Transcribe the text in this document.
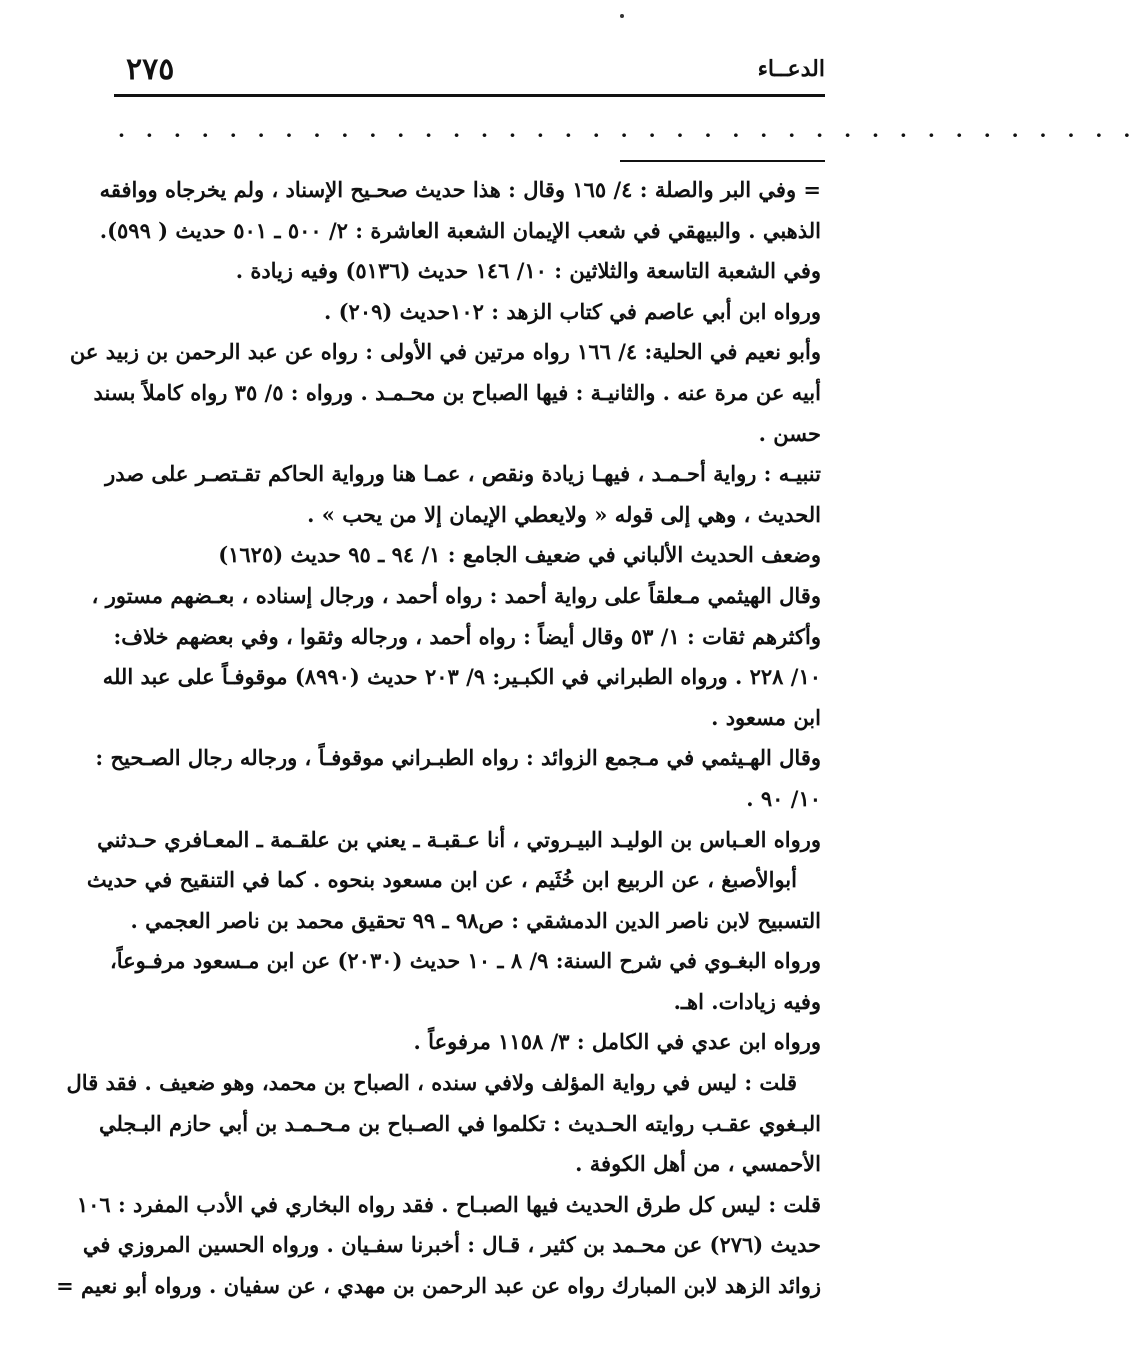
الدعــاء
٢٧٥
· · · · · · · · · · · · · · · · · · · · · · · · · · · · · · · · · · · · ·
= وفي البر والصلة : ٤/ ١٦٥ وقال : هذا حديث صحـيح الإسناد ، ولم يخرجاه ووافقه
الذهبي . والبيهقي في شعب الإيمان الشعبة العاشرة : ٢/ ٥٠٠ ـ ٥٠١ حديث ( ٥٩٩).
وفي الشعبة التاسعة والثلاثين : ١٠/ ١٤٦ حديث (٥١٣٦) وفيه زيادة .
ورواه ابن أبي عاصم في كتاب الزهد : ١٠٢حديث (٢٠٩) .
وأبو نعيم في الحلية: ٤/ ١٦٦ رواه مرتين في الأولى : رواه عن عبد الرحمن بن زبيد عن
أبيه عن مرة عنه . والثانيـة : فيها الصباح بن محـمـد . ورواه : ٥/ ٣٥ رواه كاملاً بسند
حسن .
تنبيـه : رواية أحـمـد ، فيهـا زيادة ونقص ، عمـا هنا ورواية الحاكم تقـتصـر على صدر
الحديث ، وهي إلى قوله « ولايعطي الإيمان إلا من يحب » .
وضعف الحديث الألباني في ضعيف الجامع : ١/ ٩٤ ـ ٩٥ حديث (١٦٢٥)
وقال الهيثمي مـعلقاً على رواية أحمد : رواه أحمد ، ورجال إسناده ، بعـضهم مستور ،
وأكثرهم ثقات : ١/ ٥٣ وقال أيضاً : رواه أحمد ، ورجاله وثقوا ، وفي بعضهم خلاف:
١٠/ ٢٢٨ . ورواه الطبراني في الكبـير: ٩/ ٢٠٣ حديث (٨٩٩٠) موقوفـاً على عبد الله
ابن مسعود .
وقال الهـيثمي في مـجمع الزوائد : رواه الطبـراني موقوفـاً ، ورجاله رجال الصـحيح :
١٠/ ٩٠ .
ورواه العـباس بن الوليـد البيـروتي ، أنا عـقبـة ـ يعني بن علقـمة ـ المعـافري حـدثني
أبوالأصبغ ، عن الربيع ابن خُثَيم ، عن ابن مسعود بنحوه . كما في التنقيح في حديث
التسبيح لابن ناصر الدين الدمشقي : ص٩٨ ـ ٩٩ تحقيق محمد بن ناصر العجمي .
ورواه البغـوي في شرح السنة: ٩/ ٨ ـ ١٠ حديث (٢٠٣٠) عن ابن مـسعود مرفـوعاً،
وفيه زيادات. اهـ.
ورواه ابن عدي في الكامل : ٣/ ١١٥٨ مرفوعاً .
قلت : ليس في رواية المؤلف ولافي سنده ، الصباح بن محمد، وهو ضعيف . فقد قال
البـغوي عقـب روايته الحـديث : تكلموا في الصـباح بن مـحـمـد بن أبي حازم البـجلي
الأحمسي ، من أهل الكوفة .
قلت : ليس كل طرق الحديث فيها الصبـاح . فقد رواه البخاري في الأدب المفرد : ١٠٦
حديث (٢٧٦) عن محـمد بن كثير ، قـال : أخبرنا سفـيان . ورواه الحسين المروزي في
زوائد الزهد لابن المبارك رواه عن عبد الرحمن بن مهدي ، عن سفيان . ورواه أبو نعيم =
